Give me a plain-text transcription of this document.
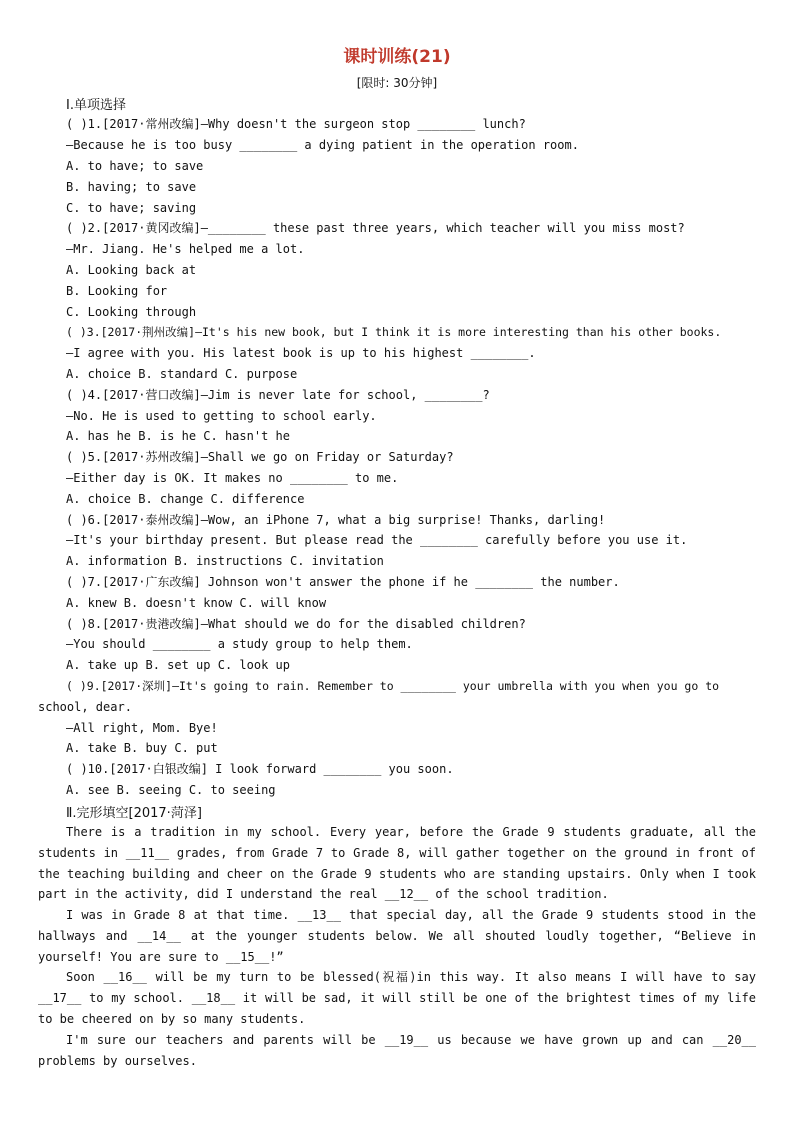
课时训练(21)
[限时: 30分钟]
Ⅰ.单项选择
( )1.[2017·常州改编]—Why doesn't the surgeon stop ________ lunch?
—Because he is too busy ________ a dying patient in the operation room.
A. to have; to save
B. having; to save
C. to have; saving
( )2.[2017·黄冈改编]—________ these past three years, which teacher will you miss most?
—Mr. Jiang. He's helped me a lot.
A. Looking back at
B. Looking for
C. Looking through
( )3.[2017·荆州改编]—It's his new book, but I think it is more interesting than his other books.
—I agree with you. His latest book is up to his highest ________.
A. choice B. standard C. purpose
( )4.[2017·营口改编]—Jim is never late for school, ________?
—No. He is used to getting to school early.
A. has he B. is he C. hasn't he
( )5.[2017·苏州改编]—Shall we go on Friday or Saturday?
—Either day is OK. It makes no ________ to me.
A. choice B. change C. difference
( )6.[2017·泰州改编]—Wow, an iPhone 7, what a big surprise! Thanks, darling!
—It's your birthday present. But please read the ________ carefully before you use it.
A. information B. instructions C. invitation
( )7.[2017·广东改编] Johnson won't answer the phone if he ________ the number.
A. knew B. doesn't know C. will know
( )8.[2017·贵港改编]—What should we do for the disabled children?
—You should ________ a study group to help them.
A. take up B. set up C. look up
( )9.[2017·深圳]—It's going to rain. Remember to ________ your umbrella with you when you go to
school, dear.
—All right, Mom. Bye!
A. take B. buy C. put
( )10.[2017·白银改编] I look forward ________ you soon.
A. see B. seeing C. to seeing
Ⅱ.完形填空[2017·菏泽]
There is a tradition in my school. Every year, before the Grade 9 students graduate, all the students in __11__ grades, from Grade 7 to Grade 8, will gather together on the ground in front of the teaching building and cheer on the Grade 9 students who are standing upstairs. Only when I took part in the activity, did I understand the real __12__ of the school tradition.
I was in Grade 8 at that time. __13__ that special day, all the Grade 9 students stood in the hallways and __14__ at the younger students below. We all shouted loudly together, “Believe in yourself! You are sure to __15__!”
Soon __16__ will be my turn to be blessed(祝福)in this way. It also means I will have to say __17__ to my school. __18__ it will be sad, it will still be one of the brightest times of my life to be cheered on by so many students.
I'm sure our teachers and parents will be __19__ us because we have grown up and can __20__ problems by ourselves.
